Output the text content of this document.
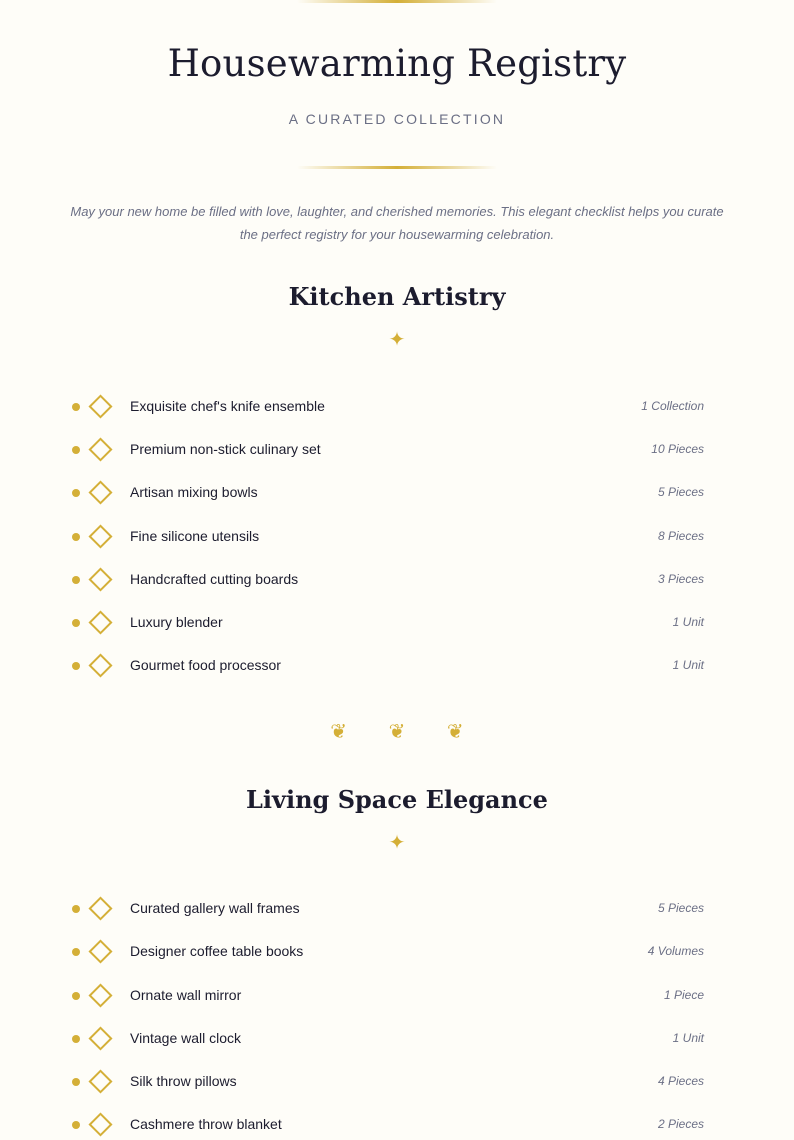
Housewarming Registry

A CURATED COLLECTION

May your new home be filled with love, laughter, and cherished memories. This elegant checklist helps you curate the perfect registry for your housewarming celebration.

Kitchen Artistry
✦
Exquisite chef's knife ensemble	1 Collection
Premium non-stick culinary set	10 Pieces
Artisan mixing bowls	5 Pieces
Fine silicone utensils	8 Pieces
Handcrafted cutting boards	3 Pieces
Luxury blender	1 Unit
Gourmet food processor	1 Unit
❦ ❦ ❦
Living Space Elegance
✦
Curated gallery wall frames	5 Pieces
Designer coffee table books	4 Volumes
Ornate wall mirror	1 Piece
Vintage wall clock	1 Unit
Silk throw pillows	4 Pieces
Cashmere throw blanket	2 Pieces
